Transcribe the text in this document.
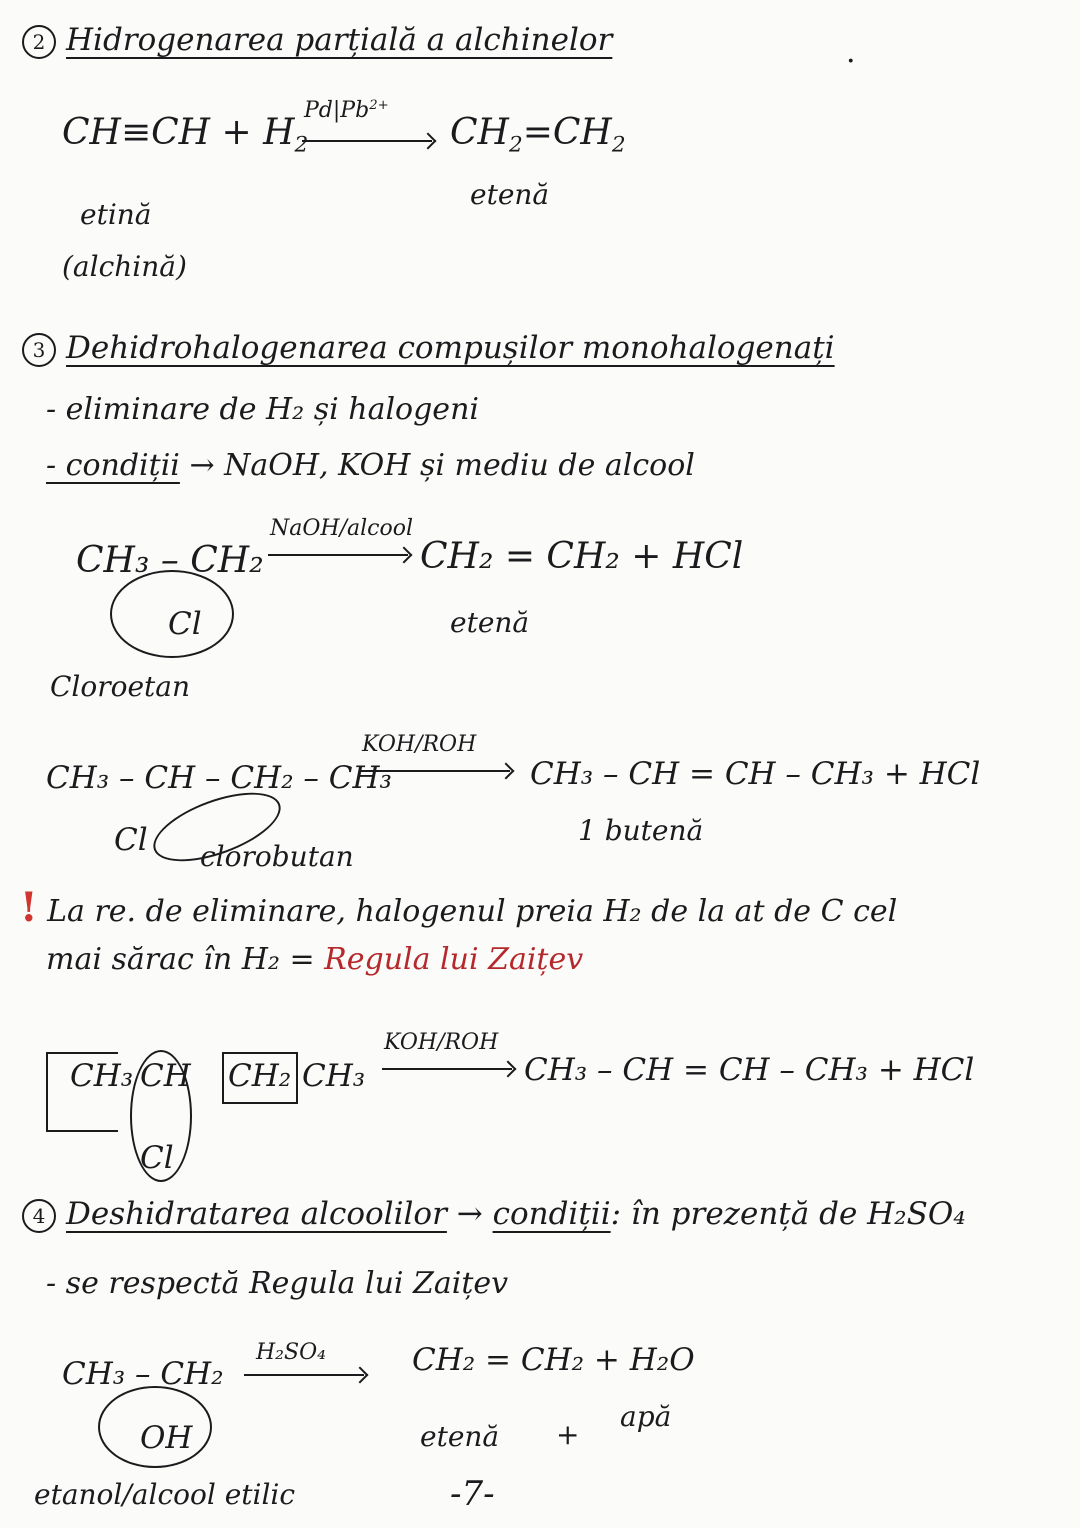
2 Hidrogenarea parțială a alchinelor
$CH\equiv CH + H_2$
$Pd|Pb^{2+}$
$CH_2=CH_2$
etină
etenă
(alchină)
3 Dehidrohalogenarea compușilor monohalogenați
- eliminare de H₂ și halogeni
- condiții → NaOH, KOH și mediu de alcool
CH₃ – CH₂
Cl
NaOH/alcool
CH₂ = CH₂ + HCl
etenă
Cloroetan
CH₃ – CH – CH₂ – CH₃
Cl
KOH/ROH
CH₃ – CH = CH – CH₃ + HCl
1 butenă
clorobutan
! La re. de eliminare, halogenul preia H₂ de la at de C cel
mai sărac în H₂ = Regula lui Zaițev
CH₃ CH
Cl
CH₂ CH₃
KOH/ROH
CH₃ – CH = CH – CH₃ + HCl
4 Deshidratarea alcoolilor → condiții: în prezență de H₂SO₄
- se respectă Regula lui Zaițev
CH₃ – CH₂
OH
H₂SO₄	CH₂ = CH₂ + H₂O
etenă +
apă
etanol/alcool etilic	-7-
·
